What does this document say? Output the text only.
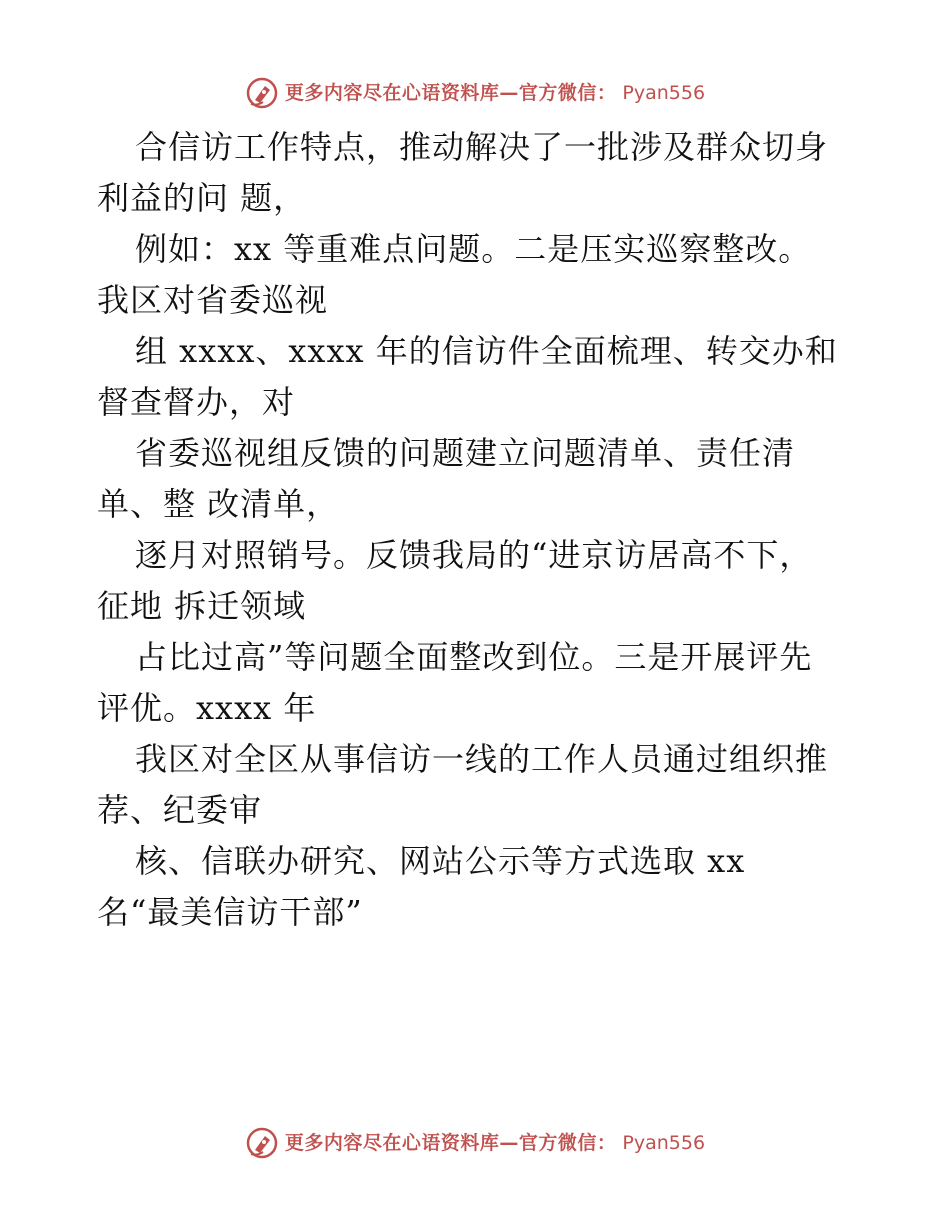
更多内容尽在心语资料库—官方微信： Pyan556
合信访工作特点，推动解决了一批涉及群众切身
利益的问 题，
例如：xx 等重难点问题。二是压实巡察整改。
我区对省委巡视
组 xxxx、xxxx 年的信访件全面梳理、转交办和
督查督办，对
省委巡视组反馈的问题建立问题清单、责任清
单、整 改清单，
逐月对照销号。反馈我局的“进京访居高不下，
征地 拆迁领域
占比过高”等问题全面整改到位。三是开展评先
评优。xxxx 年
我区对全区从事信访一线的工作人员通过组织推
荐、纪委审
核、信联办研究、网站公示等方式选取 xx
名“最美信访干部”
更多内容尽在心语资料库—官方微信： Pyan556
